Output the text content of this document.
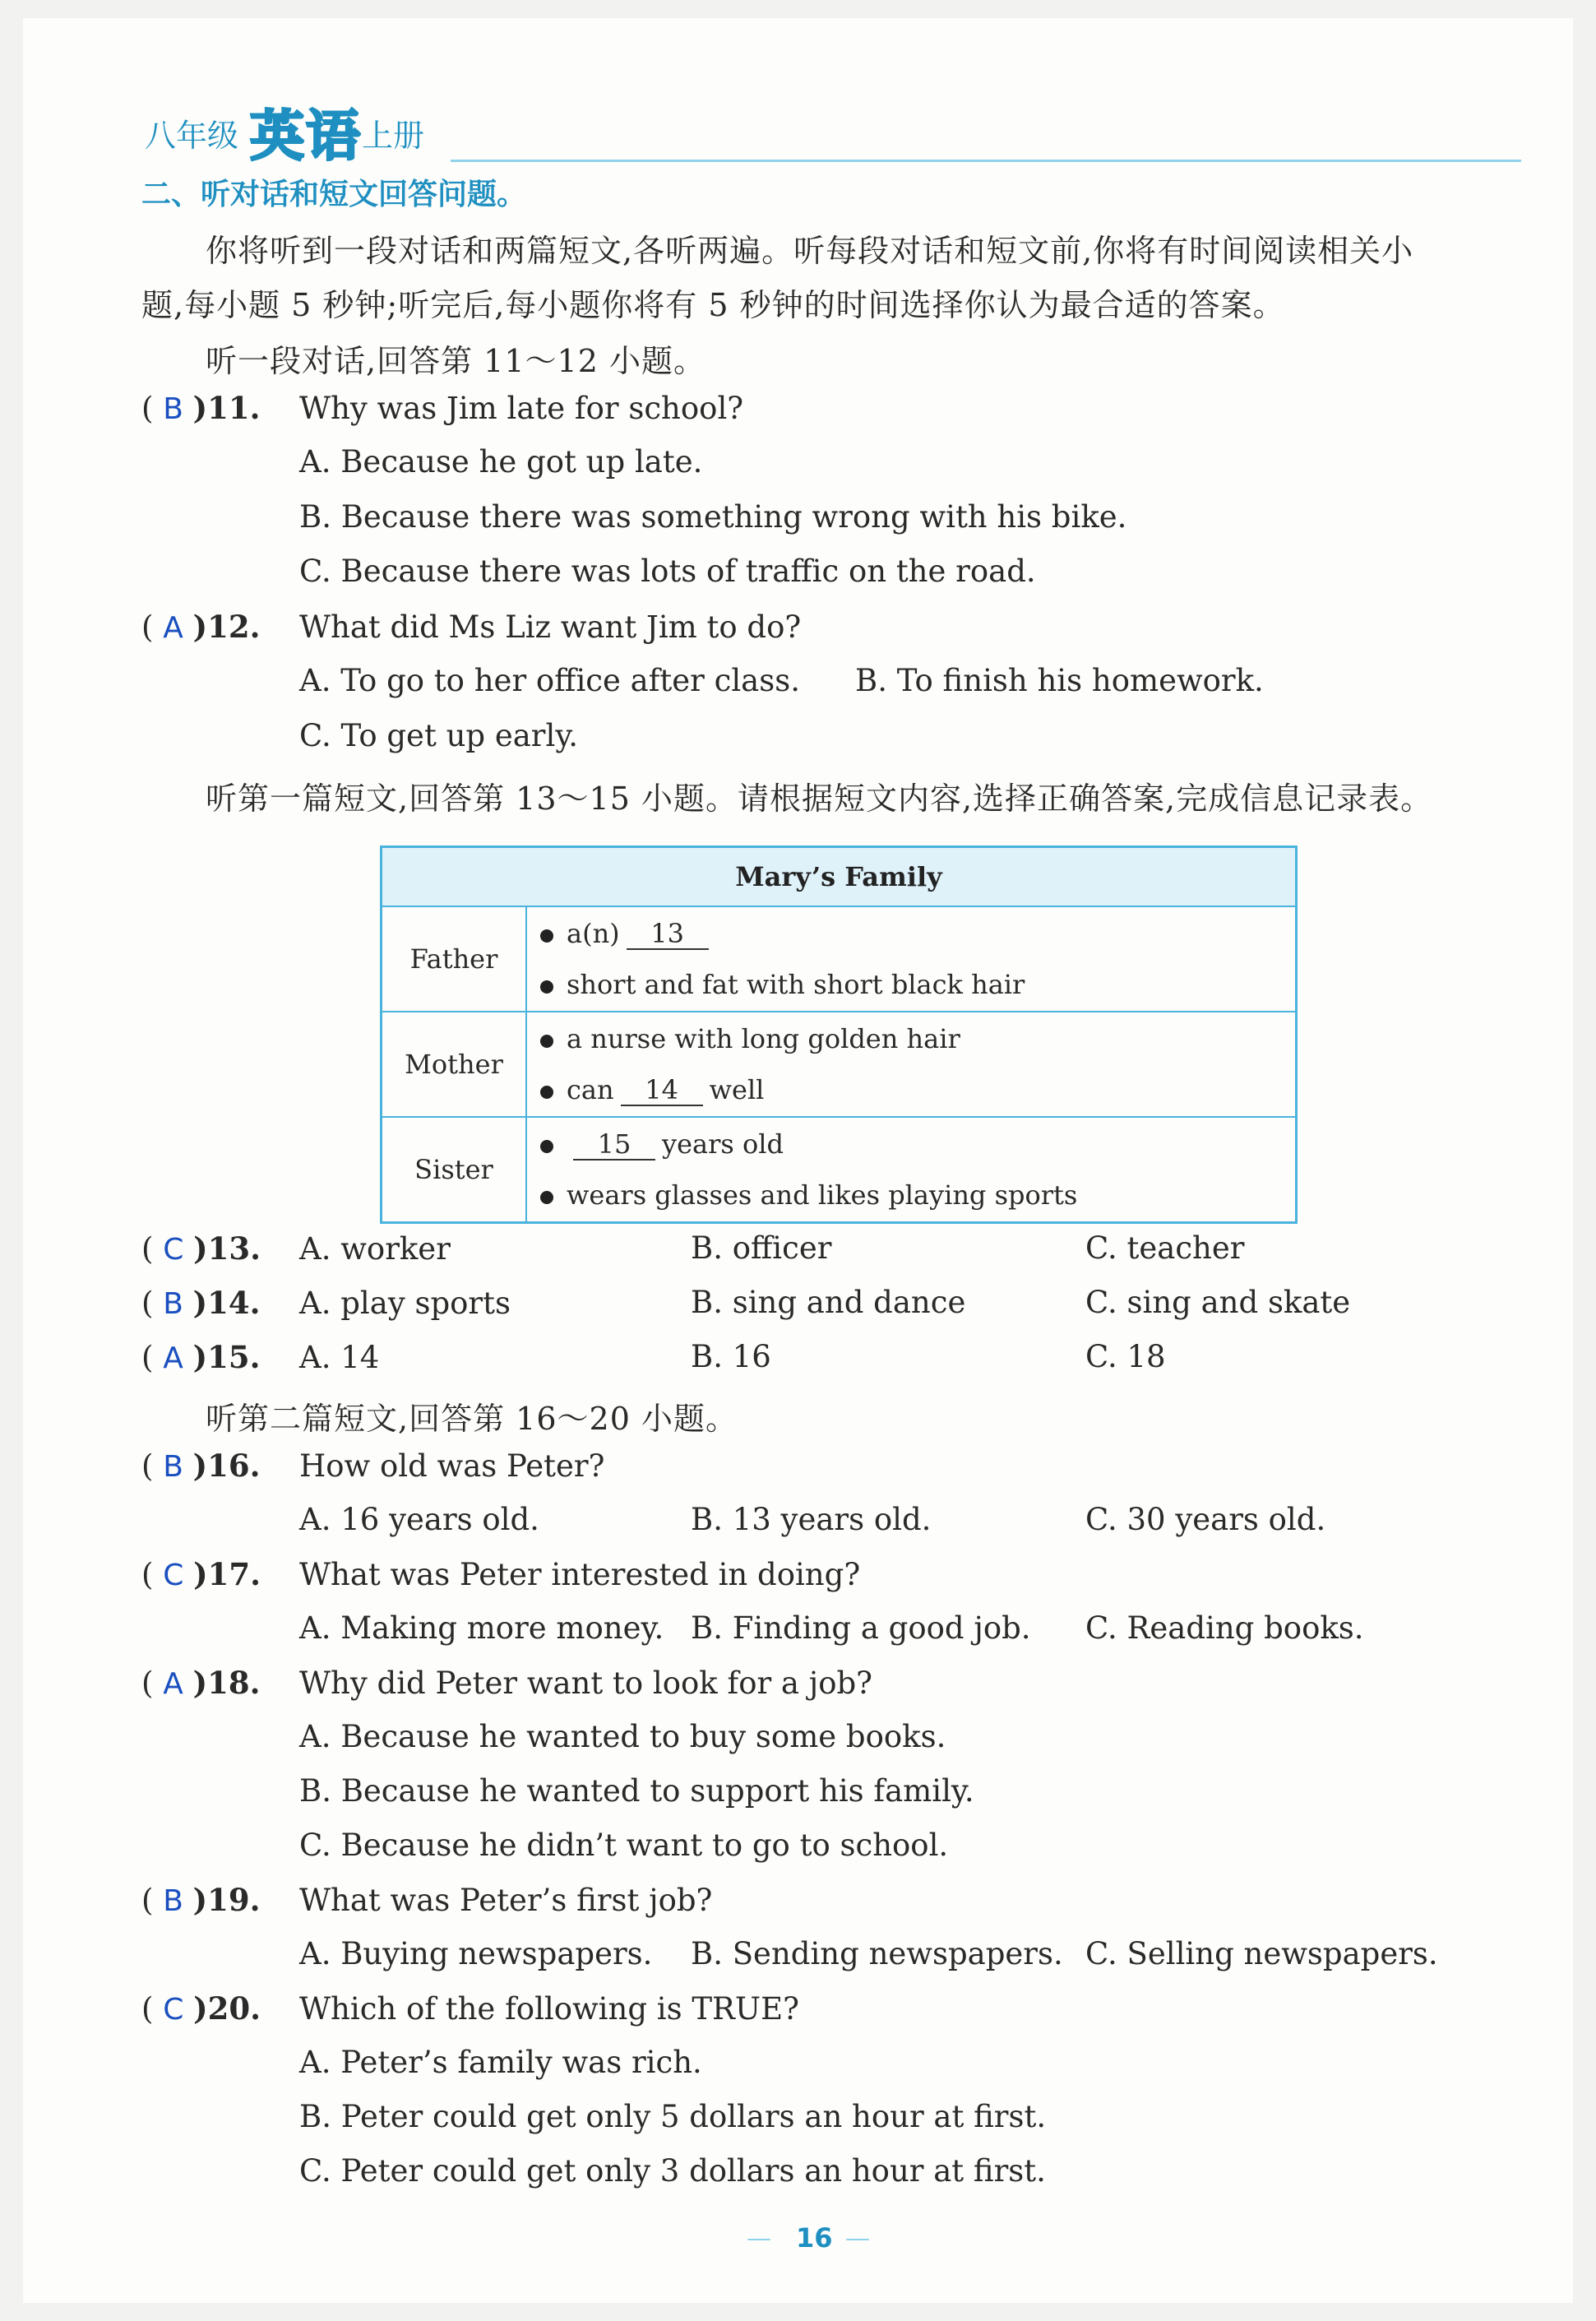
八年级 英语 上册
二、听对话和短文回答问题。
你将听到一段对话和两篇短文,各听两遍。听每段对话和短文前,你将有时间阅读相关小
题,每小题 5 秒钟;听完后,每小题你将有 5 秒钟的时间选择你认为最合适的答案。
听一段对话,回答第 11～12 小题。
( B )11. Why was Jim late for school?
A. Because he got up late.
B. Because there was something wrong with his bike.
C. Because there was lots of traffic on the road.
( A )12. What did Ms Liz want Jim to do?
A. To go to her office after class. B. To finish his homework.
C. To get up early.
听第一篇短文,回答第 13～15 小题。请根据短文内容,选择正确答案,完成信息记录表。
Mary’s Family	
Father	a(n) 13
short and fat with short black hair

Mother	a nurse with long golden hair
can 14 well

Sister	15 years old
wears glasses and likes playing sports
( C )13. A. worker	B. officer	C. teacher
( B )14. A. play sports	B. sing and dance	C. sing and skate
( A )15. A. 14	B. 16	C. 18
听第二篇短文,回答第 16～20 小题。
( B )16. How old was Peter?
A. 16 years old.	B. 13 years old.	C. 30 years old.
( C )17. What was Peter interested in doing?
A. Making more money. B. Finding a good job. C. Reading books.
( A )18. Why did Peter want to look for a job?
A. Because he wanted to buy some books.
B. Because he wanted to support his family.
C. Because he didn’t want to go to school.
( B )19. What was Peter’s first job?
A. Buying newspapers. B. Sending newspapers. C. Selling newspapers.
( C )20. Which of the following is TRUE?
A. Peter’s family was rich.
B. Peter could get only 5 dollars an hour at first.
C. Peter could get only 3 dollars an hour at first.
— 16 —
